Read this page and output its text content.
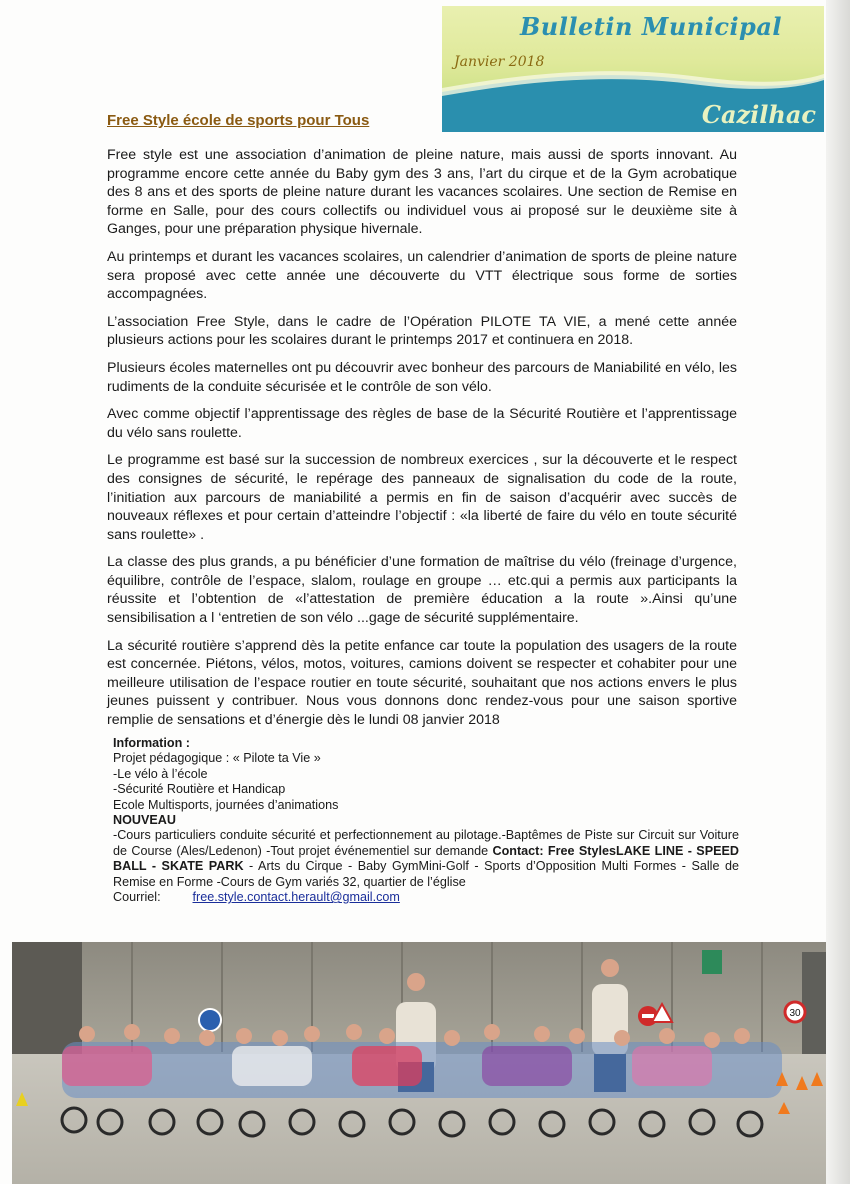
Bulletin Municipal
Janvier 2018
Cazilhac
Free Style école de sports pour Tous

Free style est une association d’animation de pleine nature, mais aussi de sports innovant. Au programme encore cette année du Baby gym des 3 ans, l’art du cirque et de la Gym acrobatique des 8 ans et des sports de pleine nature durant les vacances scolaires. Une section de Remise en forme en Salle, pour des cours collectifs ou individuel vous ai proposé sur le deuxième site à Ganges, pour une préparation physique hivernale.

Au printemps et durant les vacances scolaires, un calendrier d’animation de sports de pleine nature sera proposé avec cette année une découverte du VTT électrique sous forme de sorties accompagnées.

L’association Free Style, dans le cadre de l’Opération PILOTE TA VIE, a mené cette année plusieurs actions pour les scolaires durant le printemps 2017 et continuera en 2018.

Plusieurs écoles maternelles ont pu découvrir avec bonheur des parcours de Maniabilité en vélo, les rudiments de la conduite sécurisée et le contrôle de son vélo.

Avec comme objectif l’apprentissage des règles de base de la Sécurité Routière et l’apprentissage du vélo sans roulette.

Le programme est basé sur la succession de nombreux exercices , sur la découverte et le respect des consignes de sécurité, le repérage des panneaux de signalisation du code de la route, l’initiation aux parcours de maniabilité a permis en fin de saison d’acquérir avec succès de nouveaux réflexes et pour certain d’atteindre l’objectif : «la liberté de faire du vélo en toute sécurité sans roulette» .

La classe des plus grands, a pu bénéficier d’une formation de maîtrise du vélo (freinage d’urgence, équilibre, contrôle de l’espace, slalom, roulage en groupe … etc.qui a permis aux participants la réussite et l’obtention de «l’attestation de première éducation a la route ».Ainsi qu’une sensibilisation a l ‘entretien de son vélo ...gage de sécurité supplémentaire.

La sécurité routière s’apprend dès la petite enfance car toute la population des usagers de la route est concernée. Piétons, vélos, motos, voitures, camions doivent se respecter et cohabiter pour une meilleure utilisation de l’espace routier en toute sécurité, souhaitant que nos actions envers le plus jeunes puissent y contribuer. Nous vous donnons donc rendez-vous pour une saison sportive remplie de sensations et d’énergie dès le lundi 08 janvier 2018

Information :
Projet pédagogique : « Pilote ta Vie »
-Le vélo à l’école
-Sécurité Routière et Handicap
Ecole Multisports, journées d’animations
NOUVEAU
-Cours particuliers conduite sécurité et perfectionnement au pilotage.-Baptêmes de Piste sur Circuit sur Voiture de Course (Ales/Ledenon) -Tout projet événementiel sur demande Contact: Free StylesLAKE LINE - SPEED BALL - SKATE PARK - Arts du Cirque - Baby GymMini-Golf - Sports d’Opposition Multi Formes - Salle de Remise en Forme -Cours de Gym variés 32, quartier de l’église
Courriel:	free.style.contact.herault@gmail.com
30
